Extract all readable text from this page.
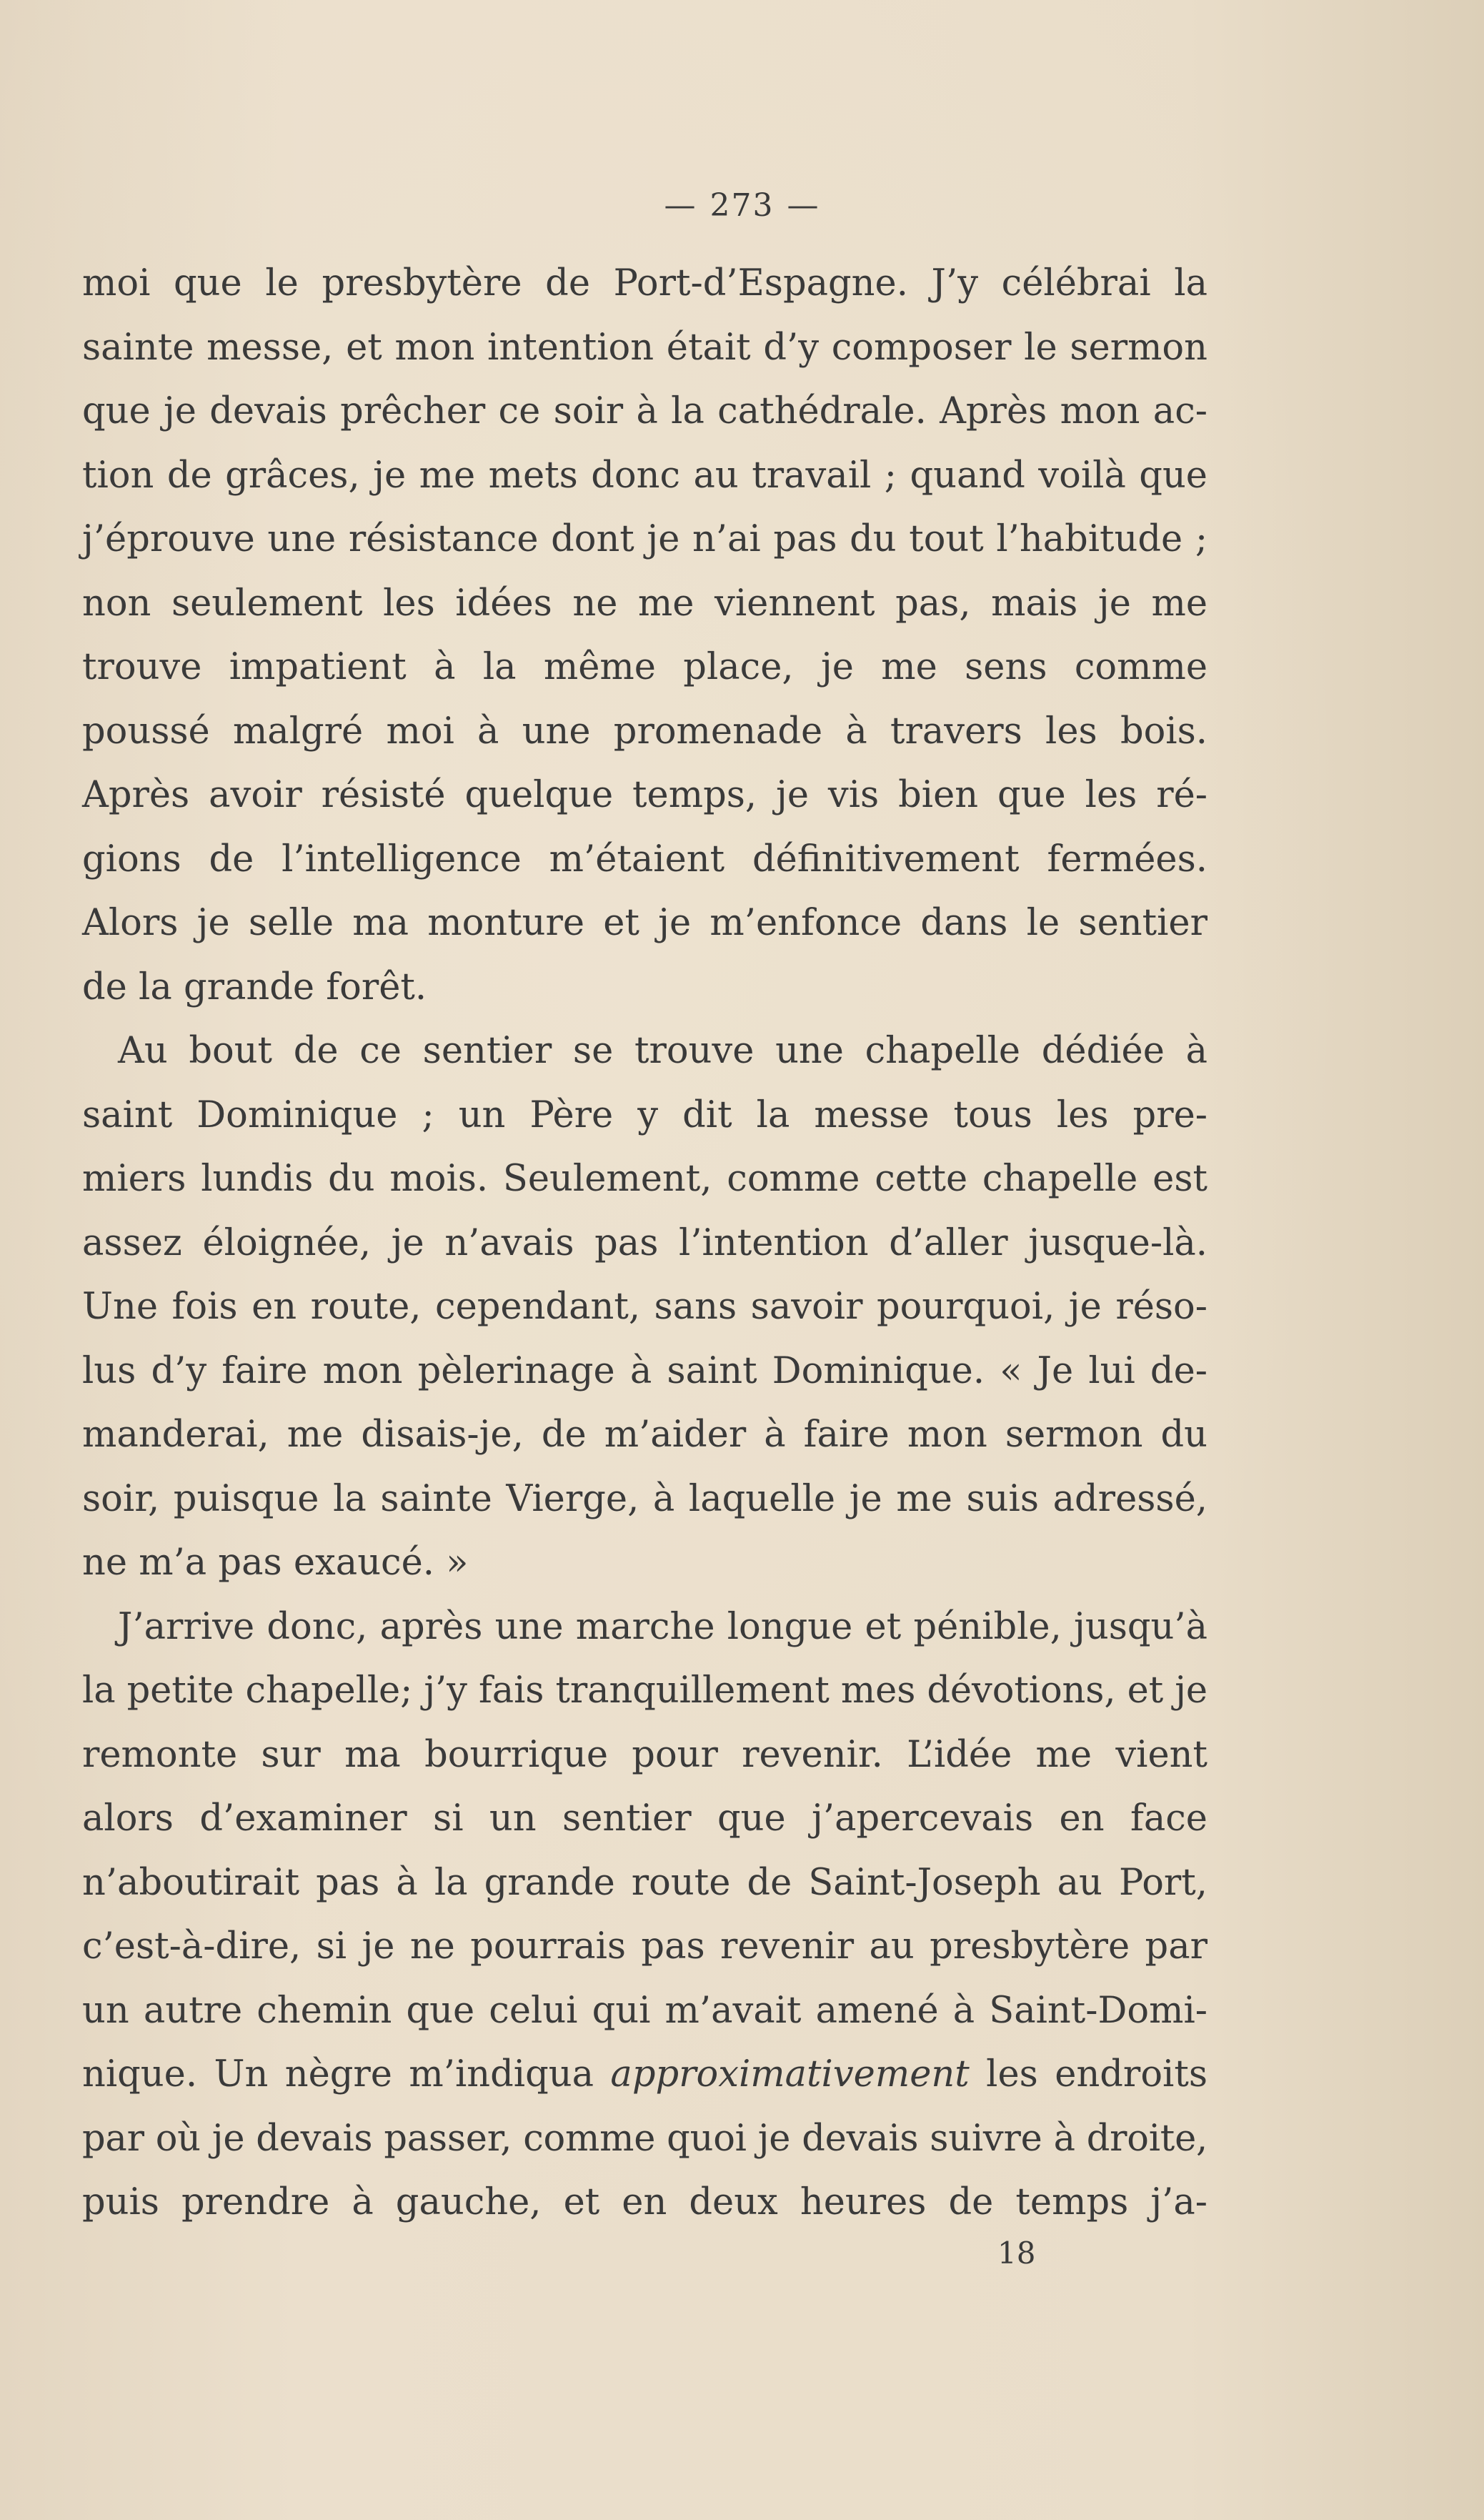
— 273 —
moi que le presbytère de Port-d’Espagne. J’y célébrai la
sainte messe, et mon intention était d’y composer le sermon
que je devais prêcher ce soir à la cathédrale. Après mon ac-
tion de grâces, je me mets donc au travail ; quand voilà que
j’éprouve une résistance dont je n’ai pas du tout l’habitude ;
non seulement les idées ne me viennent pas, mais je me
trouve impatient à la même place, je me sens comme
poussé malgré moi à une promenade à travers les bois.
Après avoir résisté quelque temps, je vis bien que les ré-
gions de l’intelligence m’étaient définitivement fermées.
Alors je selle ma monture et je m’enfonce dans le sentier
de la grande forêt.
Au bout de ce sentier se trouve une chapelle dédiée à
saint Dominique ; un Père y dit la messe tous les pre-
miers lundis du mois. Seulement, comme cette chapelle est
assez éloignée, je n’avais pas l’intention d’aller jusque-là.
Une fois en route, cependant, sans savoir pourquoi, je réso-
lus d’y faire mon pèlerinage à saint Dominique. « Je lui de-
manderai, me disais-je, de m’aider à faire mon sermon du
soir, puisque la sainte Vierge, à laquelle je me suis adressé,
ne m’a pas exaucé. »
J’arrive donc, après une marche longue et pénible, jusqu’à
la petite chapelle; j’y fais tranquillement mes dévotions, et je
remonte sur ma bourrique pour revenir. L’idée me vient
alors d’examiner si un sentier que j’apercevais en face
n’aboutirait pas à la grande route de Saint-Joseph au Port,
c’est-à-dire, si je ne pourrais pas revenir au presbytère par
un autre chemin que celui qui m’avait amené à Saint-Domi-
nique. Un nègre m’indiqua approximativement les endroits
par où je devais passer, comme quoi je devais suivre à droite,
puis prendre à gauche, et en deux heures de temps j’a-
18
